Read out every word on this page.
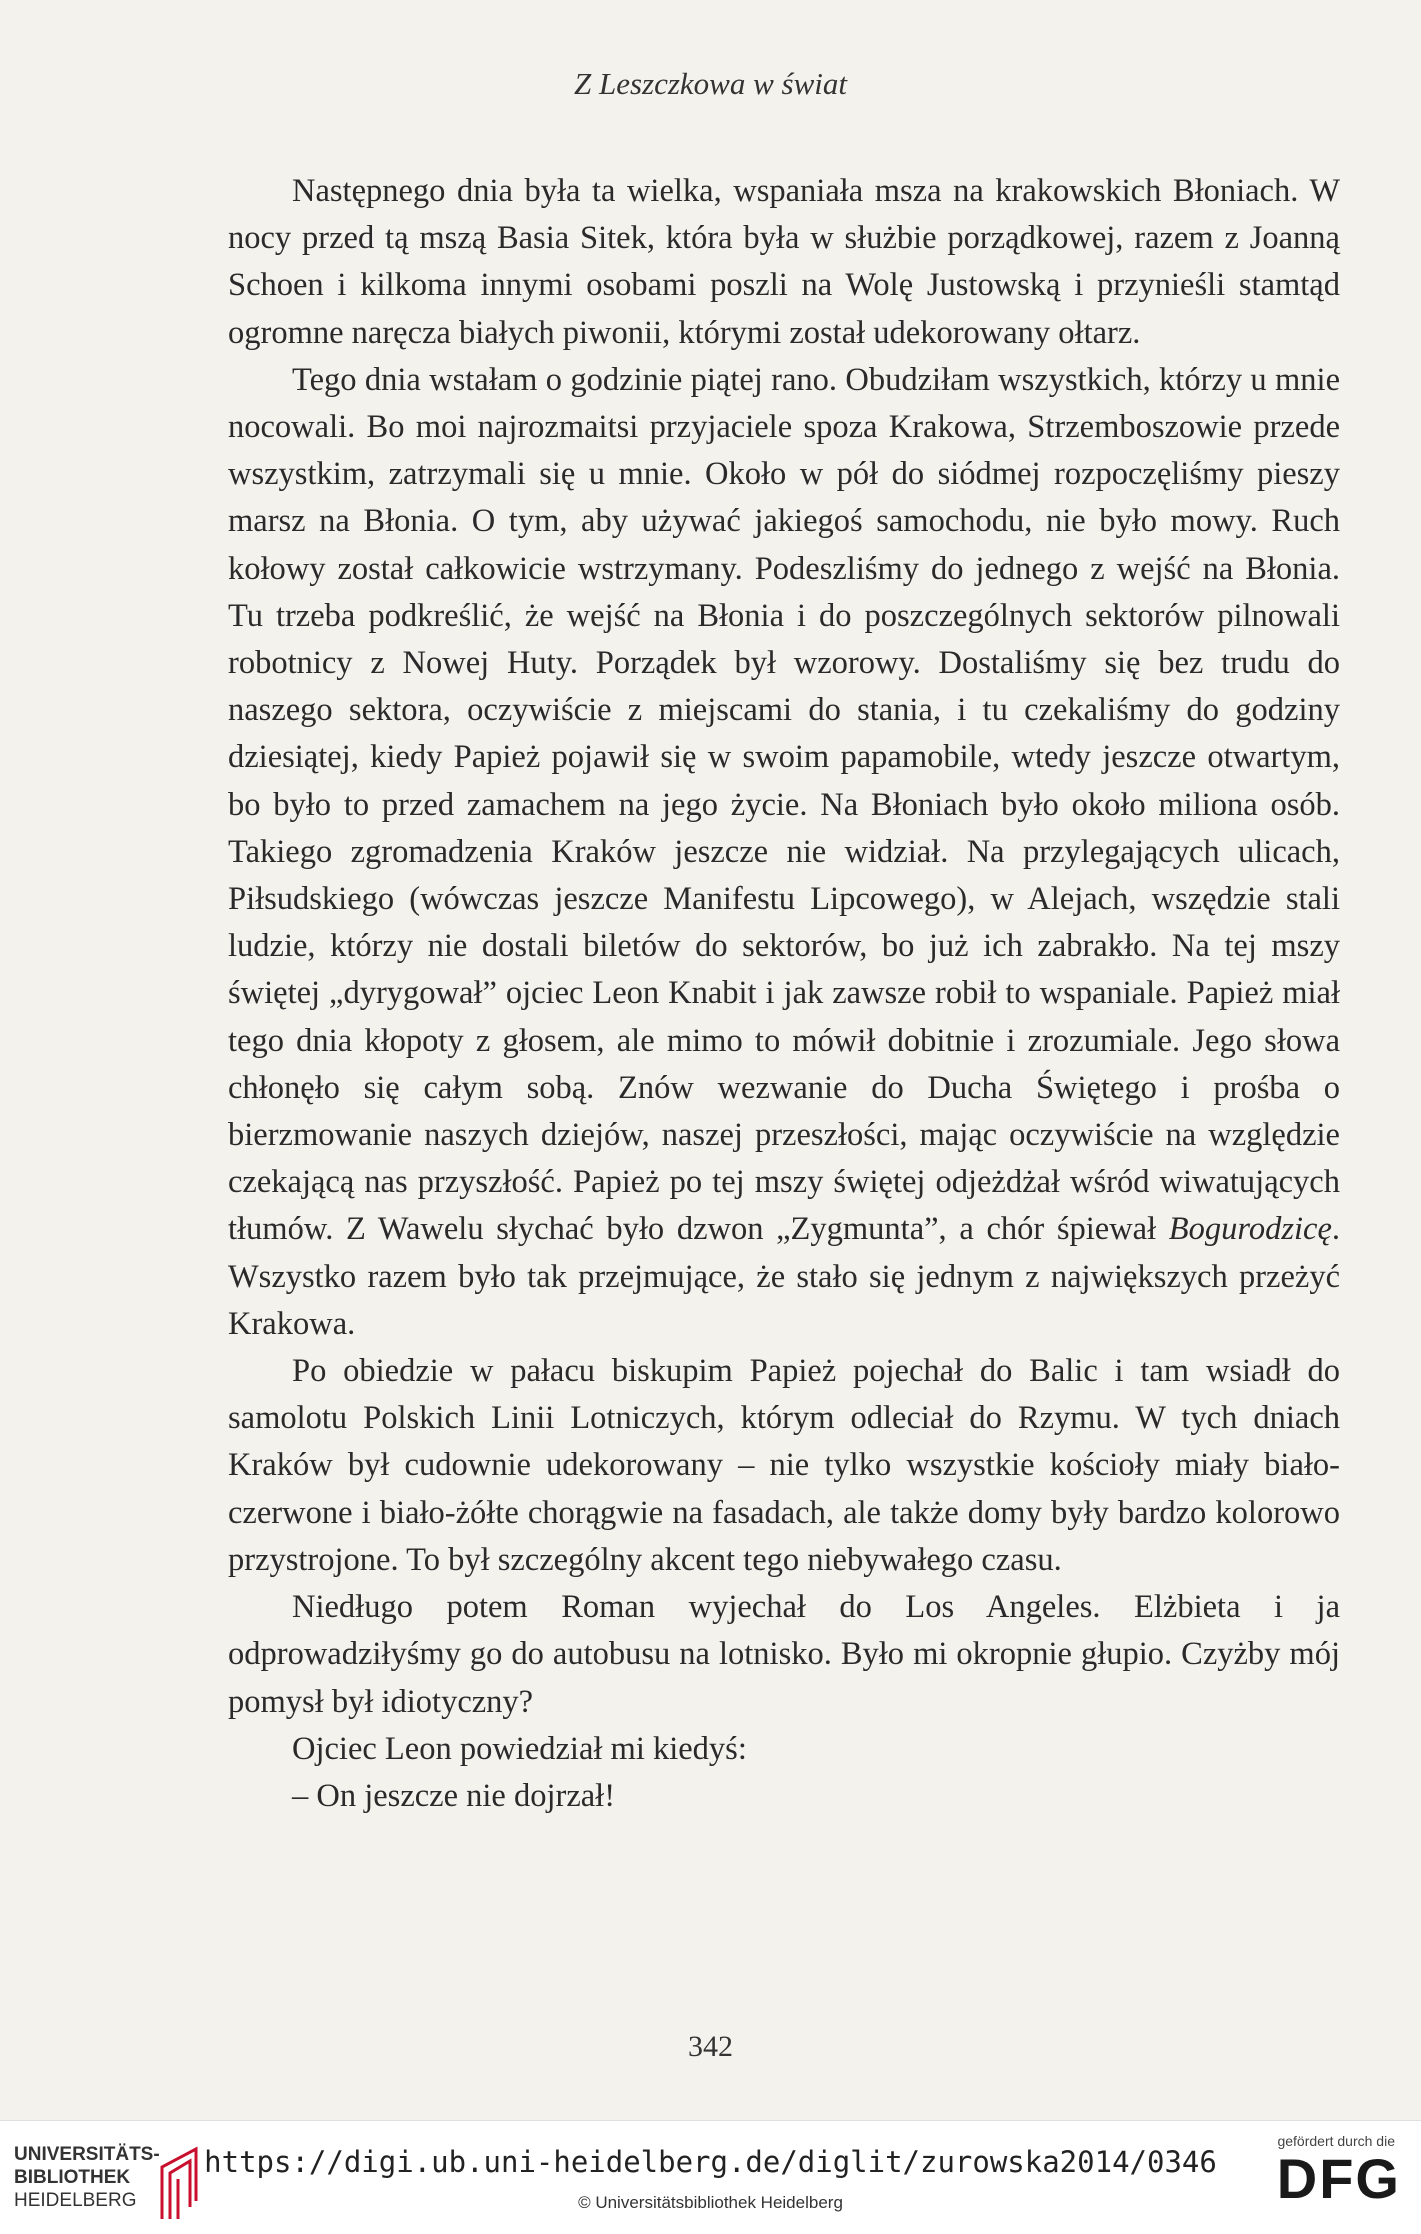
Z Leszczkowa w świat

Następnego dnia była ta wielka, wspaniała msza na krakowskich Błoniach. W nocy przed tą mszą Basia Sitek, która była w służbie porządkowej, razem z Joanną Schoen i kilkoma innymi osobami poszli na Wolę Justowską i przynieśli stamtąd ogromne naręcza białych piwonii, którymi został udekorowany ołtarz.

Tego dnia wstałam o godzinie piątej rano. Obudziłam wszystkich, którzy u mnie nocowali. Bo moi najrozmaitsi przyjaciele spoza Krakowa, Strzemboszowie przede wszystkim, zatrzymali się u mnie. Około w pół do siódmej rozpoczęliśmy pieszy marsz na Błonia. O tym, aby używać jakiegoś samochodu, nie było mowy. Ruch kołowy został całkowicie wstrzymany. Podeszliśmy do jednego z wejść na Błonia. Tu trzeba podkreślić, że wejść na Błonia i do poszczególnych sektorów pilnowali robotnicy z Nowej Huty. Porządek był wzorowy. Dostaliśmy się bez trudu do naszego sektora, oczywiście z miejscami do stania, i tu czekaliśmy do godziny dziesiątej, kiedy Papież pojawił się w swoim papamobile, wtedy jeszcze otwartym, bo było to przed zamachem na jego życie. Na Błoniach było około miliona osób. Takiego zgromadzenia Kraków jeszcze nie widział. Na przylegających ulicach, Piłsudskiego (wówczas jeszcze Manifestu Lipcowego), w Alejach, wszędzie stali ludzie, którzy nie dostali biletów do sektorów, bo już ich zabrakło. Na tej mszy świętej „dyrygował” ojciec Leon Knabit i jak zawsze robił to wspaniale. Papież miał tego dnia kłopoty z głosem, ale mimo to mówił dobitnie i zrozumiale. Jego słowa chłonęło się całym sobą. Znów wezwanie do Ducha Świętego i prośba o bierzmowanie naszych dziejów, naszej przeszłości, mając oczywiście na względzie czekającą nas przyszłość. Papież po tej mszy świętej odjeżdżał wśród wiwatujących tłumów. Z Wawelu słychać było dzwon „Zygmunta”, a chór śpiewał Bogurodzicę. Wszystko razem było tak przejmujące, że stało się jednym z największych przeżyć Krakowa.

Po obiedzie w pałacu biskupim Papież pojechał do Balic i tam wsiadł do samolotu Polskich Linii Lotniczych, którym odleciał do Rzymu. W tych dniach Kraków był cudownie udekorowany – nie tylko wszystkie kościoły miały biało-czerwone i biało-żółte chorągwie na fasadach, ale także domy były bardzo kolorowo przystrojone. To był szczególny akcent tego niebywałego czasu.

Niedługo potem Roman wyjechał do Los Angeles. Elżbieta i ja odprowadziłyśmy go do autobusu na lotnisko. Było mi okropnie głupio. Czyżby mój pomysł był idiotyczny?

Ojciec Leon powiedział mi kiedyś:

– On jeszcze nie dojrzał!

342
UNIVERSITÄTS-
BIBLIOTHEK
HEIDELBERG
https://digi.ub.uni-heidelberg.de/diglit/zurowska2014/0346
© Universitätsbibliothek Heidelberg
gefördert durch die
DFG
